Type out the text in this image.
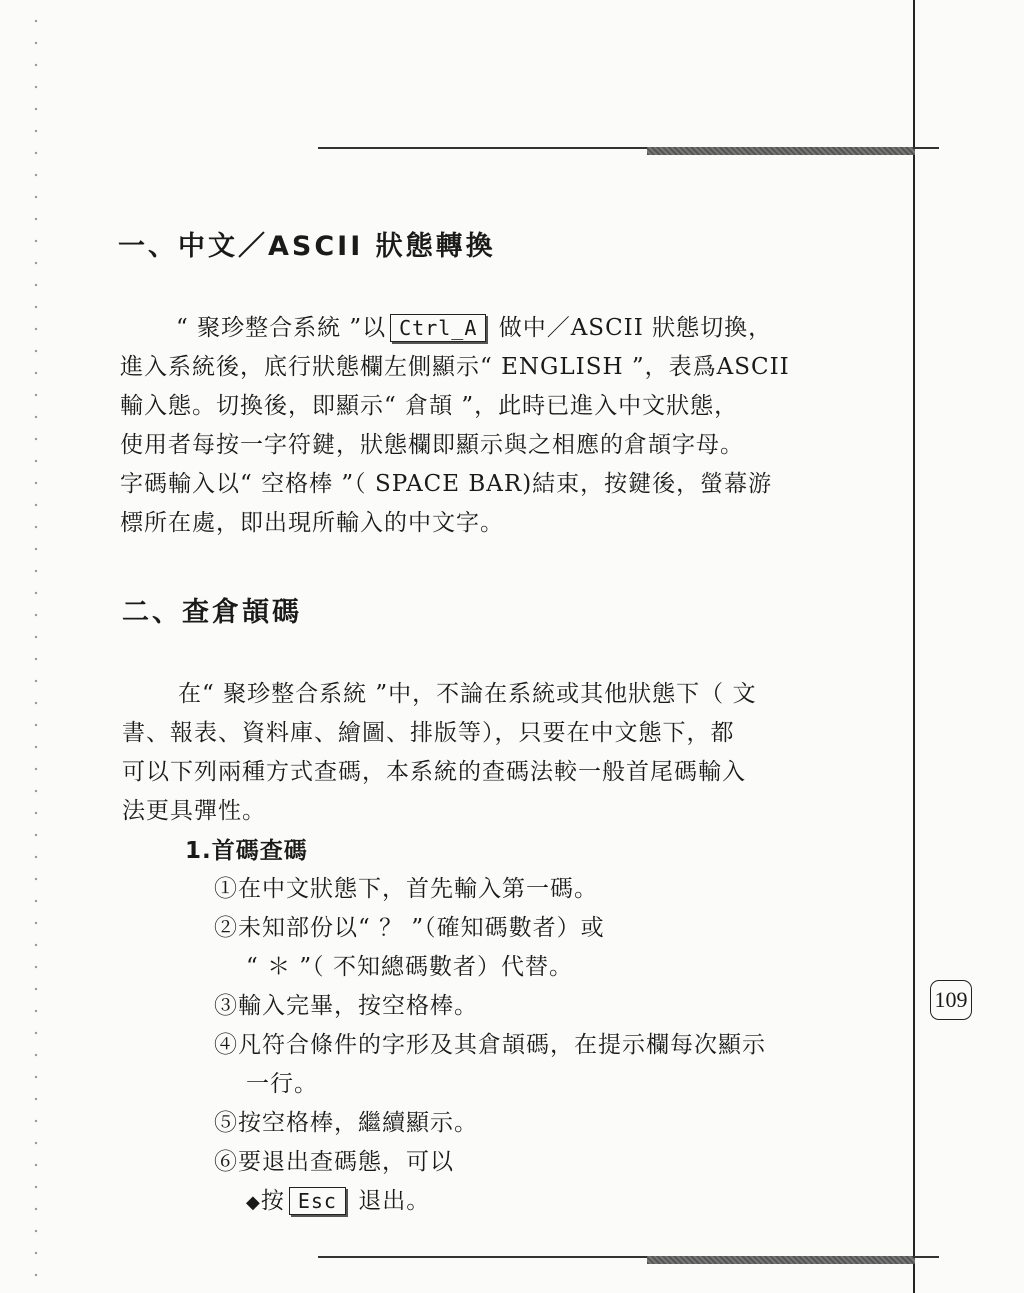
109
一、中文／ASCII 狀態轉換
“ 聚珍整合系統 ”以 Ctrl_A 做中／ASCII 狀態切換，
進入系統後，底行狀態欄左側顯示“ ENGLISH ”，表爲ASCII
輸入態。切換後，即顯示“ 倉頡 ”，此時已進入中文狀態，
使用者每按一字符鍵，狀態欄即顯示與之相應的倉頡字母。
字碼輸入以“ 空格棒 ”（ SPACE BAR)結束，按鍵後，螢幕游
標所在處，即出現所輸入的中文字。
二、查倉頡碼
在“ 聚珍整合系統 ”中，不論在系統或其他狀態下（ 文
書、報表、資料庫、繪圖、排版等），只要在中文態下，都
可以下列兩種方式查碼，本系統的查碼法較一般首尾碼輸入
法更具彈性。
1.首碼查碼
①在中文狀態下，首先輸入第一碼。
②未知部份以“ ？ ”（確知碼數者）或
“ ＊ ”（ 不知總碼數者）代替。
③輸入完畢，按空格棒。
④凡符合條件的字形及其倉頡碼，在提示欄每次顯示
一行。
⑤按空格棒，繼續顯示。
⑥要退出查碼態，可以
◆按 Esc 退出。
